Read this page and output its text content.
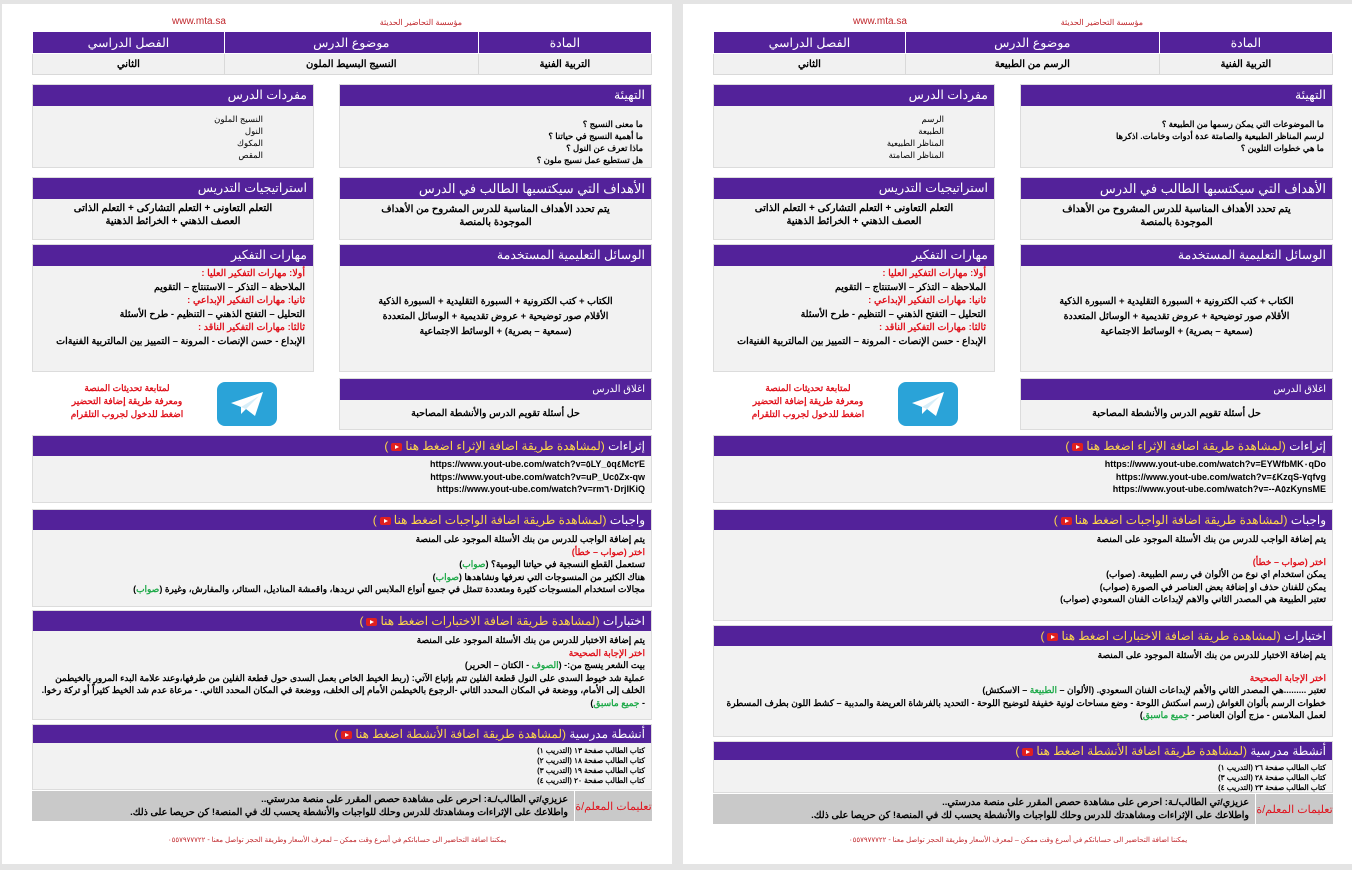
مؤسسة التحاضير الحديثة
www.mta.sa
المادة	موضوع الدرس	الفصل الدراسي
التربية الفنية	النسيج البسيط الملون	الثاني
التهيئة
ما معنى النسيج ؟
ما أهمية النسيج في حياتنا ؟
ماذا تعرف عن النول ؟
هل تستطيع عمل نسيج ملون ؟
مفردات الدرس
النسيج الملون
النول
المكوك
المقص
الأهداف التي سيكتسبها الطالب في الدرس
يتم تحدد الأهداف المناسبة للدرس المشروح من الأهداف الموجودة بالمنصة
استراتيجيات التدريس
التعلم التعاونى + التعلم التشاركى + التعلم الذاتى
العصف الذهني + الخرائط الذهنية
الوسائل التعليمية المستخدمة
الكتاب + كتب الكترونية + السبورة التقليدية + السبورة الذكية
الأقلام صور توضيحية + عروض تقديمية + الوسائل المتعددة
(سمعية – بصرية) + الوسائط الاجتماعية
مهارات التفكير
أولا: مهارات التفكير العليا :
الملاحظة – التذكر – الاستنتاج – التقويم
ثانيا: مهارات التفكير الإبداعي :
التحليل – التفتح الذهني – التنظيم - طرح الأسئلة
ثالثا: مهارات التفكير الناقد :
الإبداع - حسن الإنصات - المرونة – التمييز بين المالتربية الفنيةات
اغلاق الدرس
حل أسئلة تقويم الدرس والأنشطة المصاحبة
لمتابعة تحديثات المنصة
ومعرفة طريقة إضافة التحضير
اضغط للدخول لجروب التلقرام
إثراءات (لمشاهدة طريقة اضافة الإثراء اضغط هنا)
https://www.yout-ube.com/watch?v=٥LY_٥q٤Mc٢E
https://www.yout-ube.com/watch?v=uP_Uc٥Zx-qw
https://www.yout-ube.com/watch?v=rm٦٠DrjIKiQ
واجبات (لمشاهدة طريقة اضافة الواجبات اضغط هنا)
يتم إضافة الواجب للدرس من بنك الأسئلة الموجود على المنصة
اختر (صواب – خطأ)
تستعمل القطع النسجية في حياتنا اليومية؟ (صواب)
هناك الكثير من المنسوجات التي نعرفها ونشاهدها (صواب)
مجالات استخدام المنسوجات كثيرة ومتعددة تتمثل في جميع أنواع الملابس التي نريدها، واقمشة المناديل، الستائر، والمفارش، وغيرة (صواب)
اختبارات (لمشاهدة طريقة اضافة الاختبارات اضغط هنا)
يتم إضافة الاختبار للدرس من بنك الأسئلة الموجود على المنصة
اختر الإجابة الصحيحة
بيت الشعر ينسج من:- (الصوف - الكتان – الحرير)
عملية شد خيوط السدى على النول قطعة الفلين تتم بإتباع الآتي: (ربط الخيط الخاص بعمل السدى حول قطعة الفلين من طرفها،وعند علامة البدء المرور بالخيطمن الخلف إلى الأمام، ووضعة في المكان المحدد الثاني -الرجوع بالخيطمن الأمام إلى الخلف، ووضعة في المكان المحدد الثاني. - مرعاة عدم شد الخيط كثيراً أو تركة رخوا. - جميع ماسبق)
أنشطة مدرسية (لمشاهدة طريقة اضافة الأنشطة اضغط هنا)
كتاب الطالب صفحة ١٣ (التدريب ١)
كتاب الطالب صفحة ١٨ (التدريب ٢)
كتاب الطالب صفحة ١٩ (التدريب ٣)
كتاب الطالب صفحة ٢٠ (التدريب ٤)
تعليمات المعلم/ة
عزيزي/تي الطالب/ـة: احرص على مشاهدة حصص المقرر على منصة مدرستي..
واطلاعك على الإثراءات ومشاهدتك للدرس وحلك للواجبات والأنشطة يحسب لك في المنصة! كن حريصا على ذلك.
يمكننا اضافة التحاضير الى حساباتكم في أسرع وقت ممكن – لمعرف الأسعار وطريقة الحجز تواصل معنا - ٠٥٥٧٩٧٧٧٢٢
مؤسسة التحاضير الحديثة
www.mta.sa
المادة	موضوع الدرس	الفصل الدراسي
التربية الفنية	الرسم من الطبيعة	الثاني
التهيئة
ما الموضوعات التي يمكن رسمها من الطبيعة ؟
لرسم المناظر الطبيعية والصامتة عدة أدوات وخامات. اذكرها
ما هي خطوات التلوين ؟
مفردات الدرس
الرسم
الطبيعة
المناظر الطبيعية
المناظر الصامتة
الأهداف التي سيكتسبها الطالب في الدرس
يتم تحدد الأهداف المناسبة للدرس المشروح من الأهداف الموجودة بالمنصة
استراتيجيات التدريس
التعلم التعاونى + التعلم التشاركى + التعلم الذاتى
العصف الذهني + الخرائط الذهنية
الوسائل التعليمية المستخدمة
الكتاب + كتب الكترونية + السبورة التقليدية + السبورة الذكية
الأقلام صور توضيحية + عروض تقديمية + الوسائل المتعددة
(سمعية – بصرية) + الوسائط الاجتماعية
مهارات التفكير
أولا: مهارات التفكير العليا :
الملاحظة – التذكر – الاستنتاج – التقويم
ثانيا: مهارات التفكير الإبداعي :
التحليل – التفتح الذهني – التنظيم - طرح الأسئلة
ثالثا: مهارات التفكير الناقد :
الإبداع - حسن الإنصات - المرونة – التمييز بين المالتربية الفنيةات
اغلاق الدرس
حل أسئلة تقويم الدرس والأنشطة المصاحبة
لمتابعة تحديثات المنصة
ومعرفة طريقة إضافة التحضير
اضغط للدخول لجروب التلقرام
إثراءات (لمشاهدة طريقة اضافة الإثراء اضغط هنا)
https://www.yout-ube.com/watch?v=EYWfbMK٠qDo
https://www.yout-ube.com/watch?v=٤KzqS-٧qfvg
https://www.yout-ube.com/watch?v=--A٥zKynsME
واجبات (لمشاهدة طريقة اضافة الواجبات اضغط هنا)
يتم إضافة الواجب للدرس من بنك الأسئلة الموجود على المنصة
اختر (صواب – خطأ)
يمكن استخدام اي نوع من الألوان في رسم الطبيعة. (صواب)
يمكن للفنان حذف او إضافة بعض العناصر في الصورة (صواب)
تعتبر الطبيعة هي المصدر الثاني والاهم لإبداعات الفنان السعودي (صواب)
اختبارات (لمشاهدة طريقة اضافة الاختبارات اضغط هنا)
يتم إضافة الاختبار للدرس من بنك الأسئلة الموجود على المنصة
اختر الإجابة الصحيحة
تعتبر .........هي المصدر الثاني والأهم لإبداعات الفنان السعودي. (الألوان – الطبيعة – الاسكتش)
خطوات الرسم بألوان الغواش (رسم اسكتش اللوحة - وضع مساحات لونية خفيفة لتوضيح اللوحة - التحديد بالفرشاة العريضة والمدببة – كشط اللون بطرف المسطرة لعمل الملامس - مزج ألوان العناصر - جميع ماسبق)
أنشطة مدرسية (لمشاهدة طريقة اضافة الأنشطة اضغط هنا)
كتاب الطالب صفحة ٢٦ (التدريب ١)
كتاب الطالب صفحة ٢٨ (التدريب ٣)
كتاب الطالب صفحة ٢٣ (التدريب ٤)
تعليمات المعلم/ة
عزيزي/تي الطالب/ـة: احرص على مشاهدة حصص المقرر على منصة مدرستي..
واطلاعك على الإثراءات ومشاهدتك للدرس وحلك للواجبات والأنشطة يحسب لك في المنصة! كن حريصا على ذلك.
يمكننا اضافة التحاضير الى حساباتكم في أسرع وقت ممكن – لمعرف الأسعار وطريقة الحجز تواصل معنا - ٠٥٥٧٩٧٧٧٢٢
